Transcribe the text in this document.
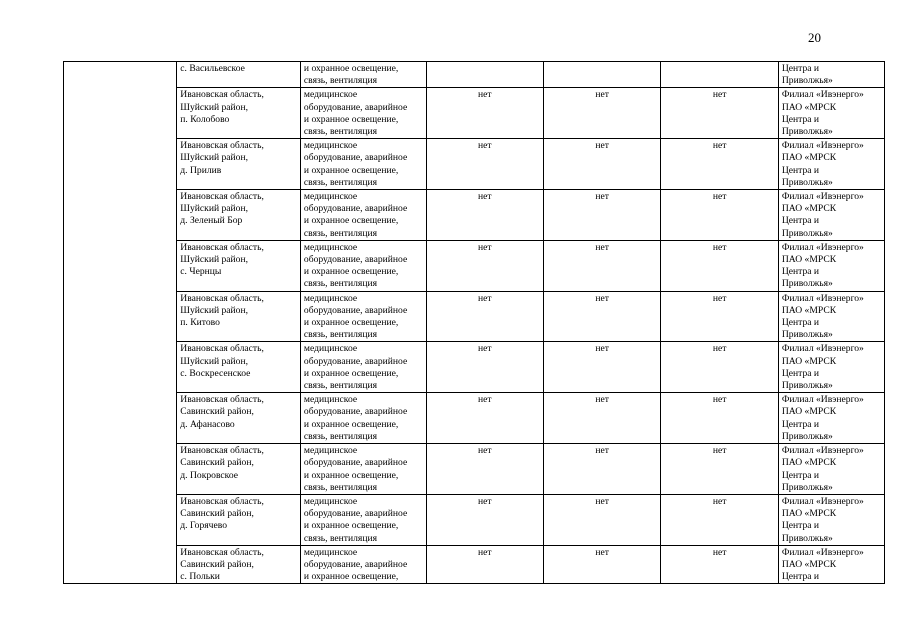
20

	с. Васильевское	и охранное освещение,
связь, вентиляция				Центра и
Приволжья»

	Ивановская область,
Шуйский район,
п. Колобово	медицинское
оборудование, аварийное
и охранное освещение,
связь, вентиляция	нет	нет	нет	Филиал «Ивэнерго»
ПАО «МРСК
Центра и
Приволжья»

	Ивановская область,
Шуйский район,
д. Прилив	медицинское
оборудование, аварийное
и охранное освещение,
связь, вентиляция	нет	нет	нет	Филиал «Ивэнерго»
ПАО «МРСК
Центра и
Приволжья»

	Ивановская область,
Шуйский район,
д. Зеленый Бор	медицинское
оборудование, аварийное
и охранное освещение,
связь, вентиляция	нет	нет	нет	Филиал «Ивэнерго»
ПАО «МРСК
Центра и
Приволжья»

	Ивановская область,
Шуйский район,
с. Чернцы	медицинское
оборудование, аварийное
и охранное освещение,
связь, вентиляция	нет	нет	нет	Филиал «Ивэнерго»
ПАО «МРСК
Центра и
Приволжья»

	Ивановская область,
Шуйский район,
п. Китово	медицинское
оборудование, аварийное
и охранное освещение,
связь, вентиляция	нет	нет	нет	Филиал «Ивэнерго»
ПАО «МРСК
Центра и
Приволжья»

	Ивановская область,
Шуйский район,
с. Воскресенское	медицинское
оборудование, аварийное
и охранное освещение,
связь, вентиляция	нет	нет	нет	Филиал «Ивэнерго»
ПАО «МРСК
Центра и
Приволжья»

	Ивановская область,
Савинский район,
д. Афанасово	медицинское
оборудование, аварийное
и охранное освещение,
связь, вентиляция	нет	нет	нет	Филиал «Ивэнерго»
ПАО «МРСК
Центра и
Приволжья»

	Ивановская область,
Савинский район,
д. Покровское	медицинское
оборудование, аварийное
и охранное освещение,
связь, вентиляция	нет	нет	нет	Филиал «Ивэнерго»
ПАО «МРСК
Центра и
Приволжья»

	Ивановская область,
Савинский район,
д. Горячево	медицинское
оборудование, аварийное
и охранное освещение,
связь, вентиляция	нет	нет	нет	Филиал «Ивэнерго»
ПАО «МРСК
Центра и
Приволжья»

	Ивановская область,
Савинский район,
с. Польки	медицинское
оборудование, аварийное
и охранное освещение,	нет	нет	нет	Филиал «Ивэнерго»
ПАО «МРСК
Центра и
